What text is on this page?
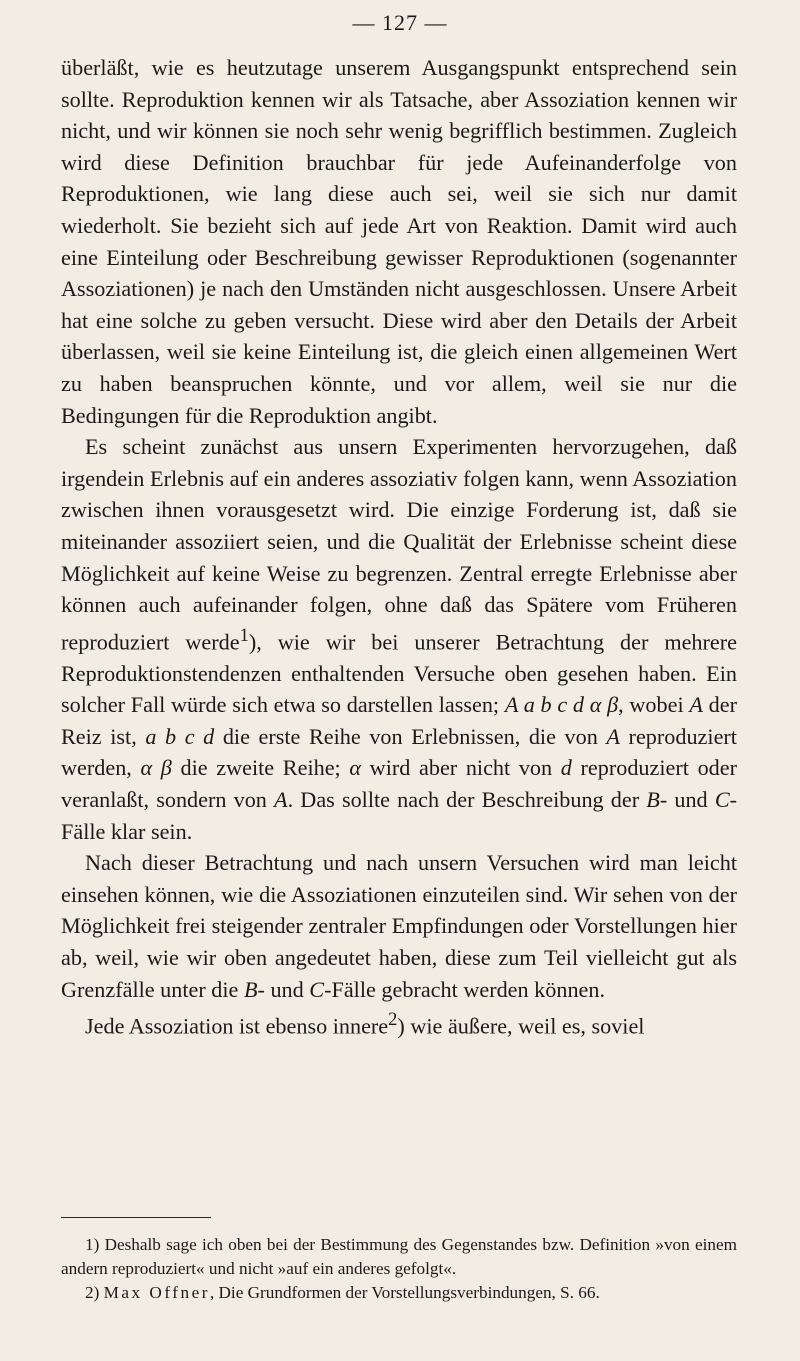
— 127 —

überläßt, wie es heutzutage unserem Ausgangspunkt entsprechend sein sollte. Reproduktion kennen wir als Tatsache, aber Assoziation kennen wir nicht, und wir können sie noch sehr wenig begrifflich bestimmen. Zugleich wird diese Definition brauchbar für jede Aufeinanderfolge von Reproduktionen, wie lang diese auch sei, weil sie sich nur damit wiederholt. Sie bezieht sich auf jede Art von Reaktion. Damit wird auch eine Einteilung oder Beschreibung gewisser Reproduktionen (sogenannter Assoziationen) je nach den Umständen nicht ausgeschlossen. Unsere Arbeit hat eine solche zu geben versucht. Diese wird aber den Details der Arbeit überlassen, weil sie keine Einteilung ist, die gleich einen allgemeinen Wert zu haben beanspruchen könnte, und vor allem, weil sie nur die Bedingungen für die Reproduktion angibt.

Es scheint zunächst aus unsern Experimenten hervorzugehen, daß irgendein Erlebnis auf ein anderes assoziativ folgen kann, wenn Assoziation zwischen ihnen vorausgesetzt wird. Die einzige Forderung ist, daß sie miteinander assoziiert seien, und die Qualität der Erlebnisse scheint diese Möglichkeit auf keine Weise zu begrenzen. Zentral erregte Erlebnisse aber können auch aufeinander folgen, ohne daß das Spätere vom Früheren reproduziert werde$^1$), wie wir bei unserer Betrachtung der mehrere Reproduktionstendenzen enthaltenden Versuche oben gesehen haben. Ein solcher Fall würde sich etwa so darstellen lassen; A a b c d α β, wobei A der Reiz ist, a b c d die erste Reihe von Erlebnissen, die von A reproduziert werden, α β die zweite Reihe; α wird aber nicht von d reproduziert oder veranlaßt, sondern von A. Das sollte nach der Beschreibung der B- und C-Fälle klar sein.

Nach dieser Betrachtung und nach unsern Versuchen wird man leicht einsehen können, wie die Assoziationen einzuteilen sind. Wir sehen von der Möglichkeit frei steigender zentraler Empfindungen oder Vorstellungen hier ab, weil, wie wir oben angedeutet haben, diese zum Teil vielleicht gut als Grenzfälle unter die B- und C-Fälle gebracht werden können.

Jede Assoziation ist ebenso innere$^2$) wie äußere, weil es, soviel

1) Deshalb sage ich oben bei der Bestimmung des Gegenstandes bzw. Definition »von einem andern reproduziert« und nicht »auf ein anderes gefolgt«.

2) Max Offner, Die Grundformen der Vorstellungsverbindungen, S. 66.
